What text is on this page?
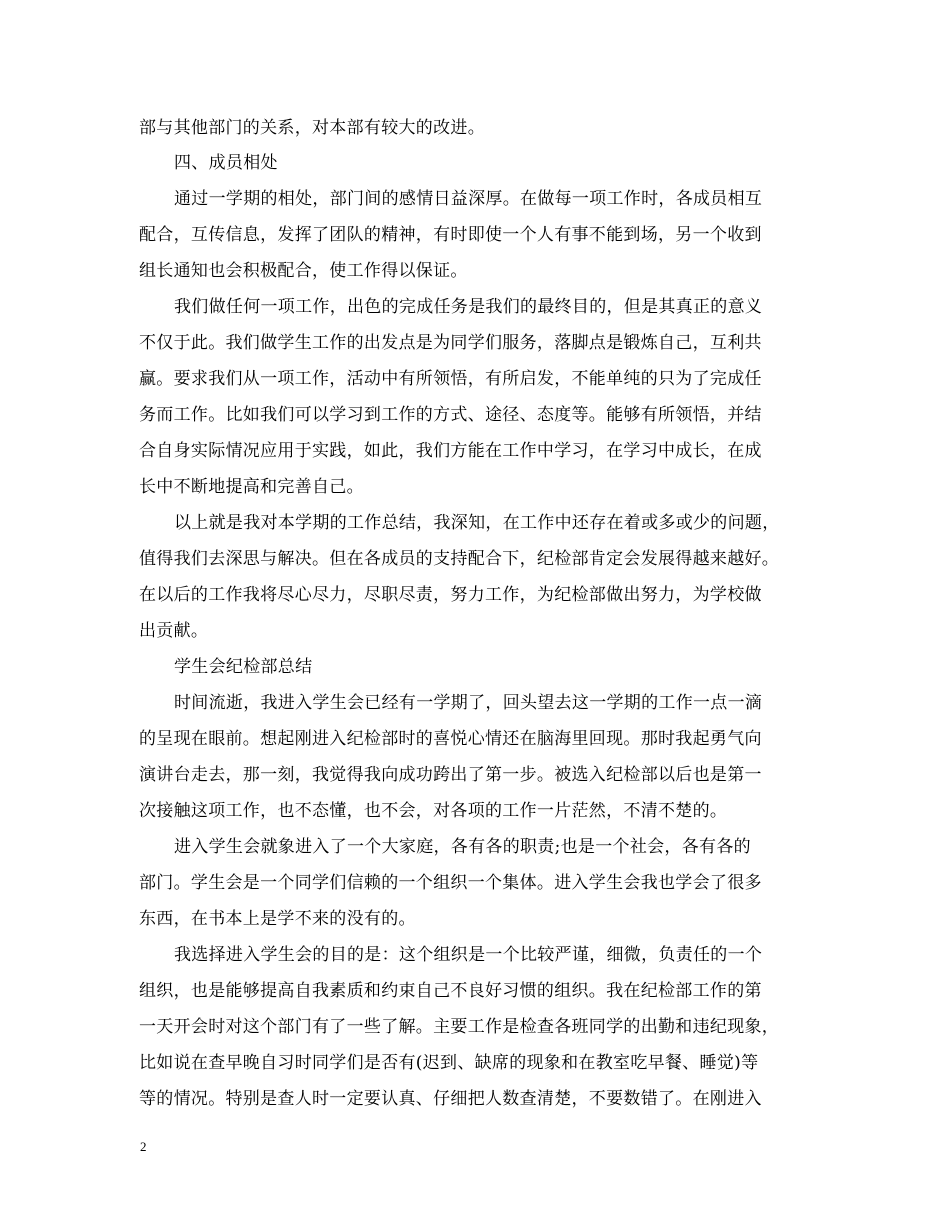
部与其他部门的关系，对本部有较大的改进。
四、成员相处
通过一学期的相处，部门间的感情日益深厚。在做每一项工作时，各成员相互
配合，互传信息，发挥了团队的精神，有时即使一个人有事不能到场，另一个收到
组长通知也会积极配合，使工作得以保证。
我们做任何一项工作，出色的完成任务是我们的最终目的，但是其真正的意义
不仅于此。我们做学生工作的出发点是为同学们服务，落脚点是锻炼自己，互利共
赢。要求我们从一项工作，活动中有所领悟，有所启发，不能单纯的只为了完成任
务而工作。比如我们可以学习到工作的方式、途径、态度等。能够有所领悟，并结
合自身实际情况应用于实践，如此，我们方能在工作中学习，在学习中成长，在成
长中不断地提高和完善自己。
以上就是我对本学期的工作总结，我深知，在工作中还存在着或多或少的问题，
值得我们去深思与解决。但在各成员的支持配合下，纪检部肯定会发展得越来越好。
在以后的工作我将尽心尽力，尽职尽责，努力工作，为纪检部做出努力，为学校做
出贡献。
学生会纪检部总结
时间流逝，我进入学生会已经有一学期了，回头望去这一学期的工作一点一滴
的呈现在眼前。想起刚进入纪检部时的喜悦心情还在脑海里回现。那时我起勇气向
演讲台走去，那一刻，我觉得我向成功跨出了第一步。被选入纪检部以后也是第一
次接触这项工作，也不态懂，也不会，对各项的工作一片茫然，不清不楚的。
进入学生会就象进入了一个大家庭，各有各的职责;也是一个社会，各有各的
部门。学生会是一个同学们信赖的一个组织一个集体。进入学生会我也学会了很多
东西，在书本上是学不来的没有的。
我选择进入学生会的目的是：这个组织是一个比较严谨，细微，负责任的一个
组织，也是能够提高自我素质和约束自己不良好习惯的组织。我在纪检部工作的第
一天开会时对这个部门有了一些了解。主要工作是检查各班同学的出勤和违纪现象，
比如说在查早晚自习时同学们是否有(迟到、缺席的现象和在教室吃早餐、睡觉)等
等的情况。特别是查人时一定要认真、仔细把人数查清楚，不要数错了。在刚进入
2
